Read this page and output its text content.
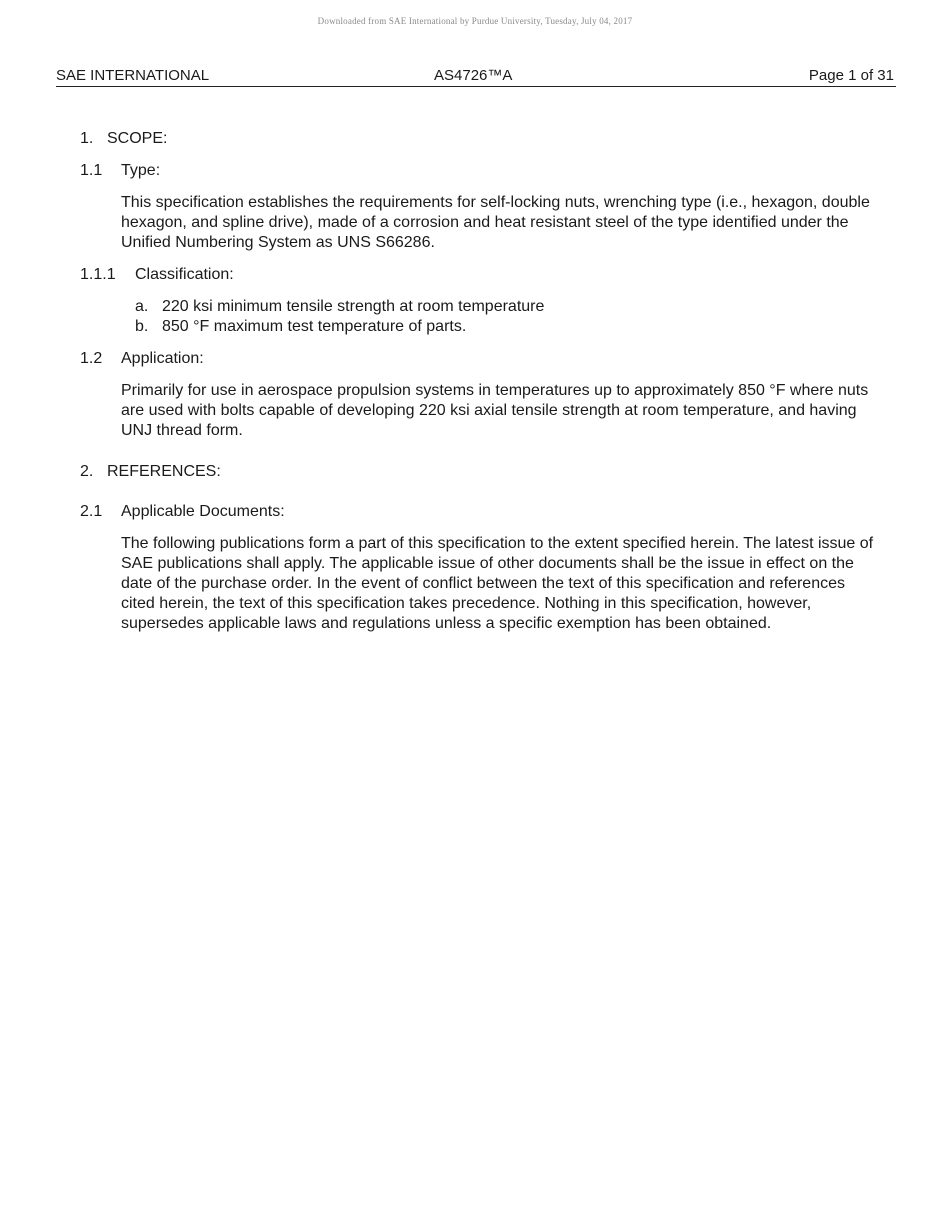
Downloaded from SAE International by Purdue University, Tuesday, July 04, 2017
SAE INTERNATIONAL	AS4726™A	Page 1 of 31
1. SCOPE:
1.1 Type:
This specification establishes the requirements for self-locking nuts, wrenching type (i.e., hexagon, double hexagon, and spline drive), made of a corrosion and heat resistant steel of the type identified under the Unified Numbering System as UNS S66286.
1.1.1 Classification:
a. 220 ksi minimum tensile strength at room temperature
b. 850 °F maximum test temperature of parts.
1.2 Application:
Primarily for use in aerospace propulsion systems in temperatures up to approximately 850 °F where nuts are used with bolts capable of developing 220 ksi axial tensile strength at room temperature, and having UNJ thread form.
2. REFERENCES:
2.1 Applicable Documents:
The following publications form a part of this specification to the extent specified herein. The latest issue of SAE publications shall apply. The applicable issue of other documents shall be the issue in effect on the date of the purchase order. In the event of conflict between the text of this specification and references cited herein, the text of this specification takes precedence. Nothing in this specification, however, supersedes applicable laws and regulations unless a specific exemption has been obtained.
